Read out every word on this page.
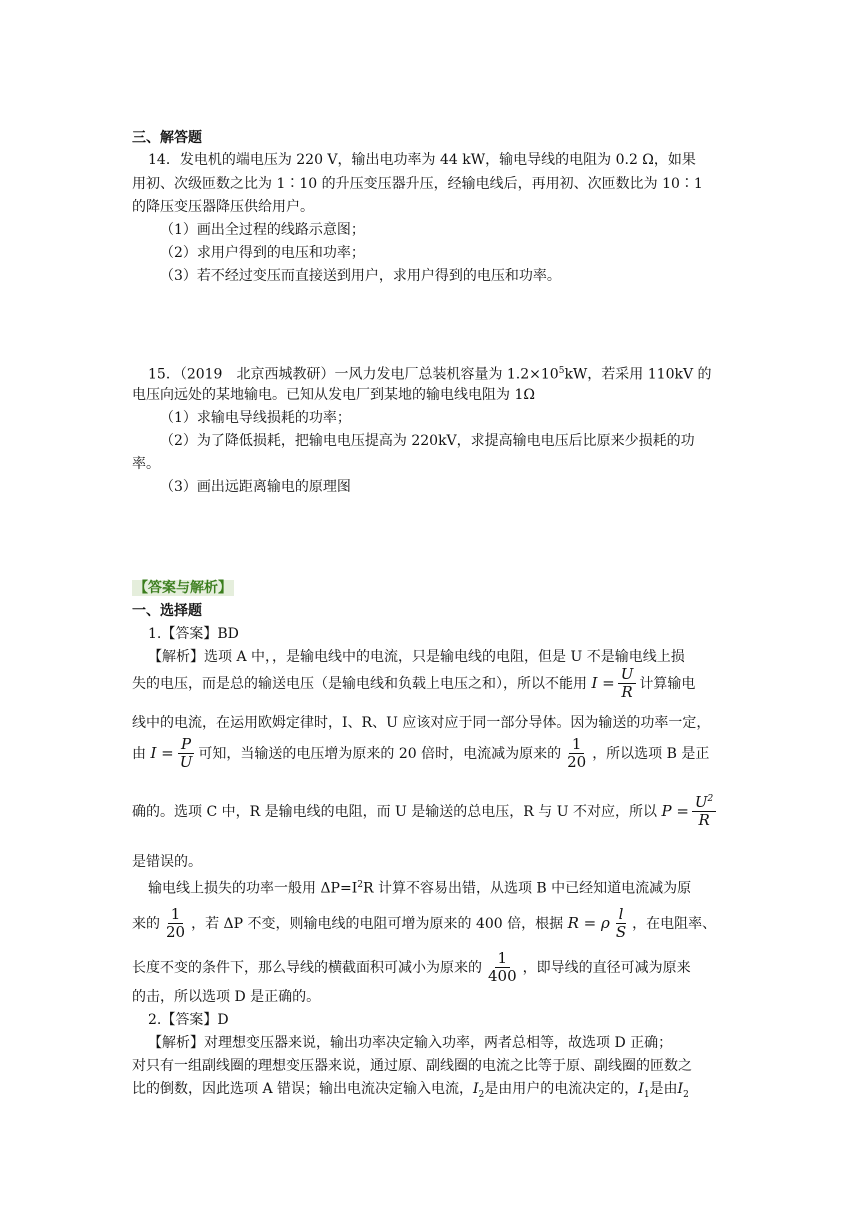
三、解答题
14．发电机的端电压为 220 V，输出电功率为 44 kW，输电导线的电阻为 0.2 Ω，如果
用初、次级匝数之比为 1∶10 的升压变压器升压，经输电线后，再用初、次匝数比为 10∶1
的降压变压器降压供给用户。
（1）画出全过程的线路示意图；
（2）求用户得到的电压和功率；
（3）若不经过变压而直接送到用户，求用户得到的电压和功率。
15．（2019　北京西城教研）一风力发电厂总装机容量为 $1.2\times 10^5kW$，若采用 110kV 的
电压向远处的某地输电。已知从发电厂到某地的输电线电阻为 1Ω
（1）求输电导线损耗的功率；
（2）为了降低损耗，把输电电压提高为 220kV，求提高输电电压后比原来少损耗的功
率。
（3）画出远距离输电的原理图
【答案与解析】
一、选择题
1.【答案】BD
【解析】选项 A 中，，是输电线中的电流，只是输电线的电阻，但是 U 不是输电线上损
失的电压，而是总的输送电压（是输电线和负载上电压之和），所以不能用 $I = \frac{U}{R}$ 计算输电
线中的电流，在运用欧姆定律时，I、R、U 应该对应于同一部分导体。因为输送的功率一定，
由 $I = \frac{P}{U}$ 可知，当输送的电压增为原来的 20 倍时，电流减为原来的 $\frac{1}{20}$ ，所以选项 B 是正
确的。选项 C 中，R 是输电线的电阻，而 U 是输送的总电压，R 与 U 不对应，所以 $P = \frac{U^2}{R}$
是错误的。
输电线上损失的功率一般用 $\Delta P=I^2R$ 计算不容易出错，从选项 B 中已经知道电流减为原
来的 $\frac{1}{20}$ ，若 ΔP 不变，则输电线的电阻可增为原来的 400 倍，根据 R = ρ $\frac{l}{S}$ ，在电阻率、
长度不变的条件下，那么导线的横截面积可减小为原来的 $\frac{1}{400}$ ，即导线的直径可减为原来
的击，所以选项 D 是正确的。
2.【答案】D
【解析】对理想变压器来说，输出功率决定输入功率，两者总相等，故选项 D 正确；
对只有一组副线圈的理想变压器来说，通过原、副线圈的电流之比等于原、副线圈的匝数之
比的倒数，因此选项 A 错误；输出电流决定输入电流，$I_2$是由用户的电流决定的，$I_1$是由$I_2$
